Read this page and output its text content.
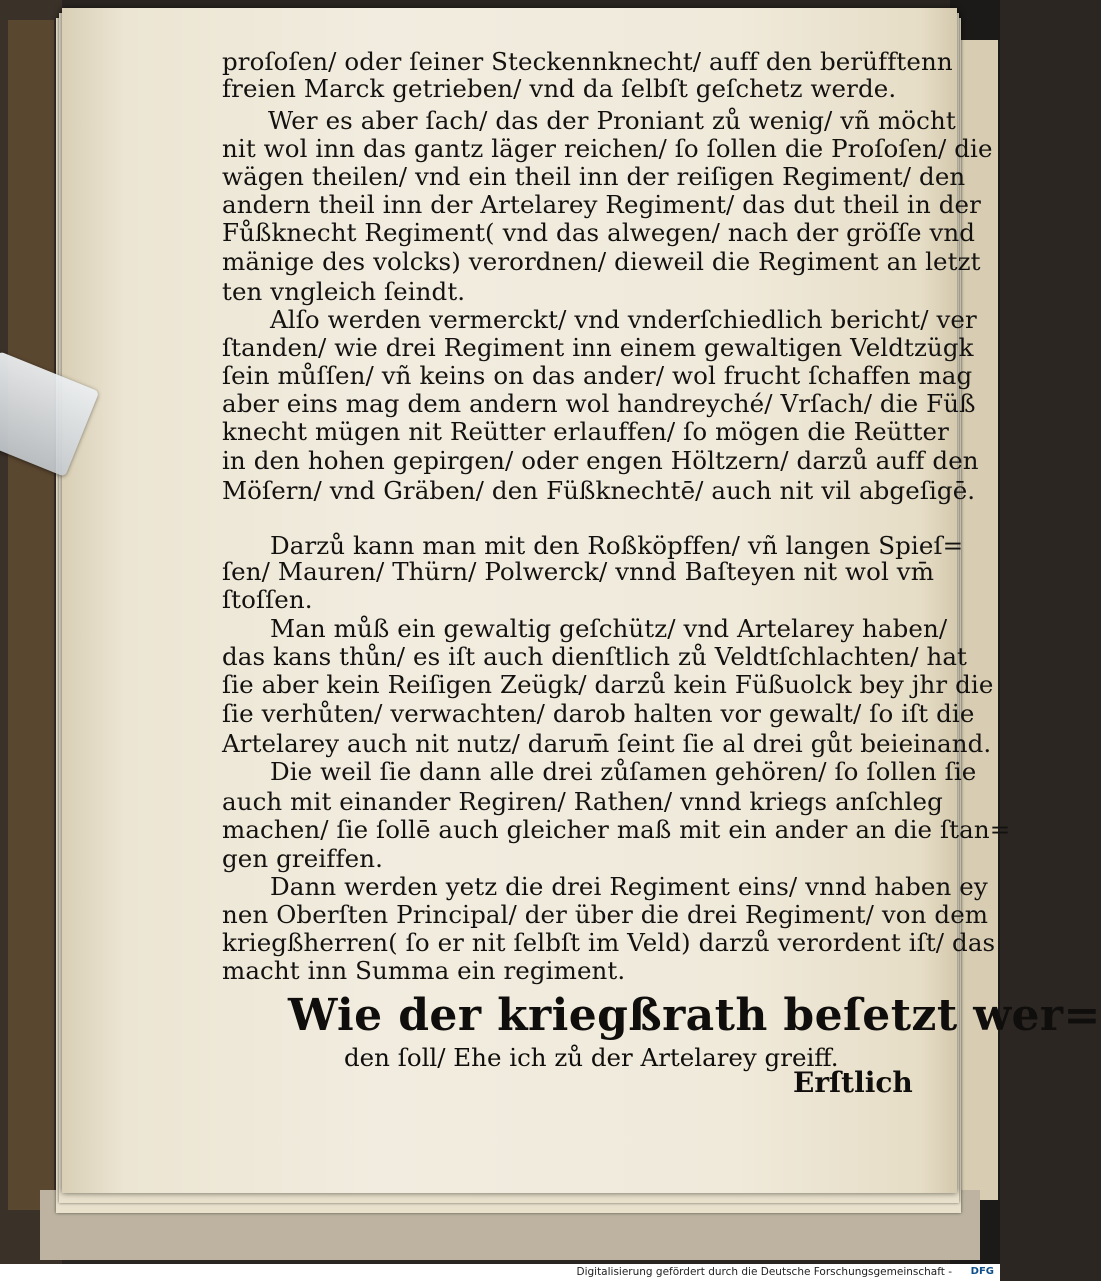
proſoſen/ oder ſeiner Steckennknecht/ auff den berüfftenn

freien Marck getrieben/ vnd da ſelbſt geſchetz werde.

Wer es aber ſach/ das der Proniant zů wenig/ vñ möcht

nit wol inn das gantz läger reichen/ ſo ſollen die Proſoſen/ die

wägen theilen/ vnd ein theil inn der reiſigen Regiment/ den

andern theil inn der Artelarey Regiment/ das dut theil in der

Fůßknecht Regiment( vnd das alwegen/ nach der gröſſe vnd

mänige des volcks) verordnen/ dieweil die Regiment an letzt

ten vngleich ſeindt.

Alſo werden vermerckt/ vnd vnderſchiedlich bericht/ ver

ſtanden/ wie drei Regiment inn einem gewaltigen Veldtzügk

ſein můſſen/ vñ keins on das ander/ wol frucht ſchaffen mag

aber eins mag dem andern wol handreyché/ Vrſach/ die Füß

knecht mügen nit Reütter erlauffen/ ſo mögen die Reütter

in den hohen gepirgen/ oder engen Höltzern/ darzů auff den

Möſern/ vnd Gräben/ den Füßknechtē/ auch nit vil abgeſigē.

Darzů kann man mit den Roßköpffen/ vñ langen Spieſ=

ſen/ Mauren/ Thürn/ Polwerck/ vnnd Baſteyen nit wol vm̄

ſtoſſen.

Man můß ein gewaltig geſchütz/ vnd Artelarey haben/

das kans thůn/ es iſt auch dienſtlich zů Veldtſchlachten/ hat

ſie aber kein Reiſigen Zeügk/ darzů kein Füßuolck bey jhr die

ſie verhůten/ verwachten/ darob halten vor gewalt/ ſo iſt die

Artelarey auch nit nutz/ darum̄ ſeint ſie al drei gůt beieinand.

Die weil ſie dann alle drei zůſamen gehören/ ſo ſollen ſie

auch mit einander Regiren/ Rathen/ vnnd kriegs anſchleg

machen/ ſie ſollē auch gleicher maß mit ein ander an die ſtan=

gen greiffen.

Dann werden yetz die drei Regiment eins/ vnnd haben ey

nen Oberſten Principal/ der über die drei Regiment/ von dem

kriegßherren( ſo er nit ſelbſt im Veld) darzů verordent iſt/ das

macht inn Summa ein regiment.

Wie der kriegßrath beſetzt wer=

den ſoll/ Ehe ich zů der Artelarey greiff.

Erſtlich

Digitalisierung gefördert durch die Deutsche Forschungsgemeinschaft - DFG
